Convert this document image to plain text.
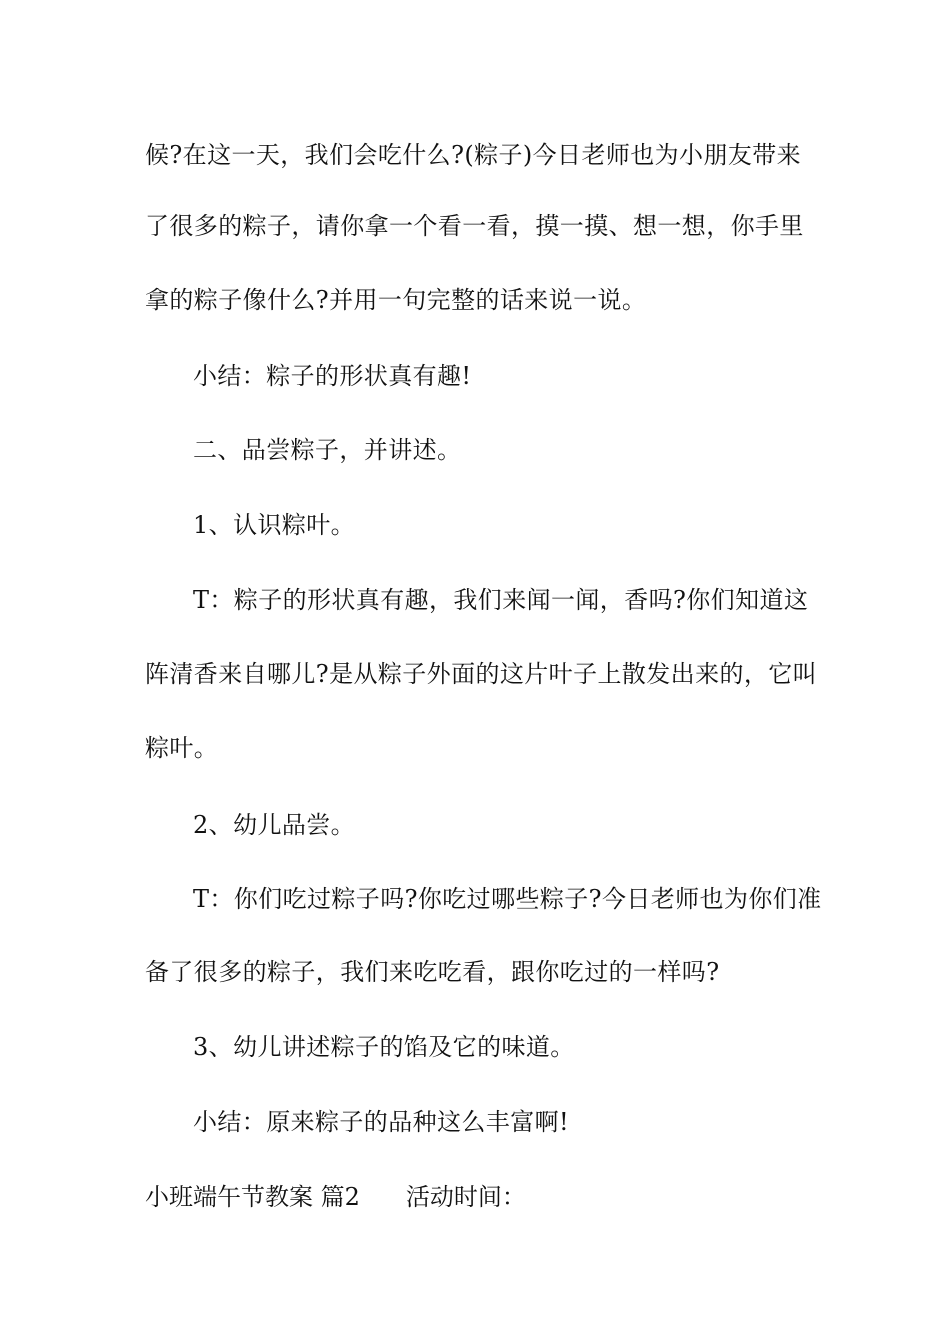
候?在这一天，我们会吃什么?(粽子)今日老师也为小朋友带来
了很多的粽子，请你拿一个看一看，摸一摸、想一想，你手里
拿的粽子像什么?并用一句完整的话来说一说。
小结：粽子的形状真有趣!
二、品尝粽子，并讲述。
1、认识粽叶。
T：粽子的形状真有趣，我们来闻一闻，香吗?你们知道这
阵清香来自哪儿?是从粽子外面的这片叶子上散发出来的，它叫
粽叶。
2、幼儿品尝。
T：你们吃过粽子吗?你吃过哪些粽子?今日老师也为你们准
备了很多的粽子，我们来吃吃看，跟你吃过的一样吗?
3、幼儿讲述粽子的馅及它的味道。
小结：原来粽子的品种这么丰富啊!
小班端午节教案 篇2 活动时间：
